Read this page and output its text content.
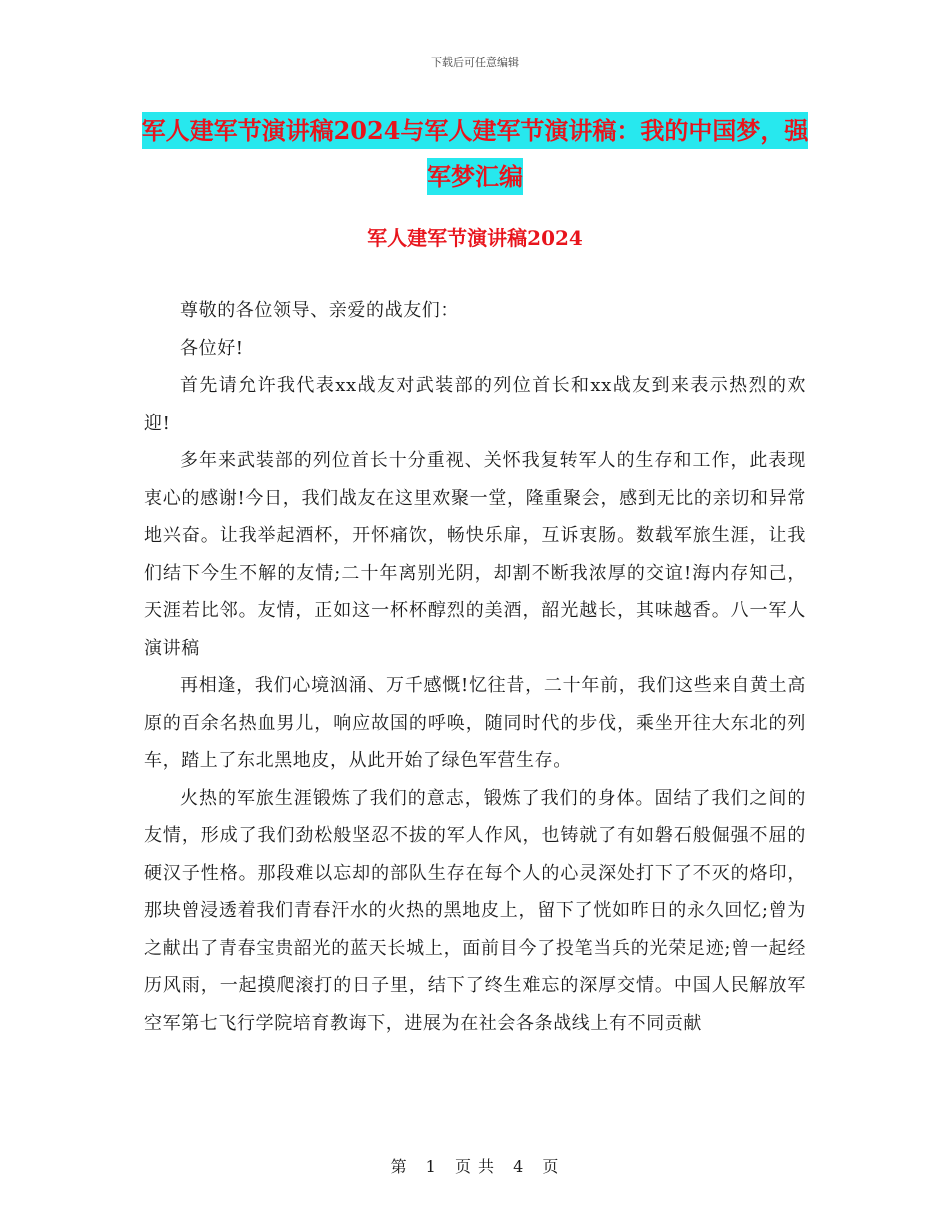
下载后可任意编辑
军人建军节演讲稿2024与军人建军节演讲稿：我的中国梦，强军梦汇编
军人建军节演讲稿2024

尊敬的各位领导、亲爱的战友们：

各位好!

首先请允许我代表xx战友对武装部的列位首长和xx战友到来表示热烈的欢迎!

多年来武装部的列位首长十分重视、关怀我复转军人的生存和工作，此表现衷心的感谢!今日，我们战友在这里欢聚一堂，隆重聚会，感到无比的亲切和异常地兴奋。让我举起酒杯，开怀痛饮，畅快乐扉，互诉衷肠。数载军旅生涯，让我们结下今生不解的友情;二十年离别光阴，却割不断我浓厚的交谊!海内存知己，天涯若比邻。友情，正如这一杯杯醇烈的美酒，韶光越长，其味越香。八一军人演讲稿

再相逢，我们心境汹涌、万千感慨!忆往昔，二十年前，我们这些来自黄土高原的百余名热血男儿，响应故国的呼唤，随同时代的步伐，乘坐开往大东北的列车，踏上了东北黑地皮，从此开始了绿色军营生存。

火热的军旅生涯锻炼了我们的意志，锻炼了我们的身体。固结了我们之间的友情，形成了我们劲松般坚忍不拔的军人作风，也铸就了有如磐石般倔强不屈的硬汉子性格。那段难以忘却的部队生存在每个人的心灵深处打下了不灭的烙印，那块曾浸透着我们青春汗水的火热的黑地皮上，留下了恍如昨日的永久回忆;曾为之献出了青春宝贵韶光的蓝天长城上，面前目今了投笔当兵的光荣足迹;曾一起经历风雨，一起摸爬滚打的日子里，结下了终生难忘的深厚交情。中国人民解放军空军第七飞行学院培育教诲下，进展为在社会各条战线上有不同贡献

第 1 页 共 4 页
